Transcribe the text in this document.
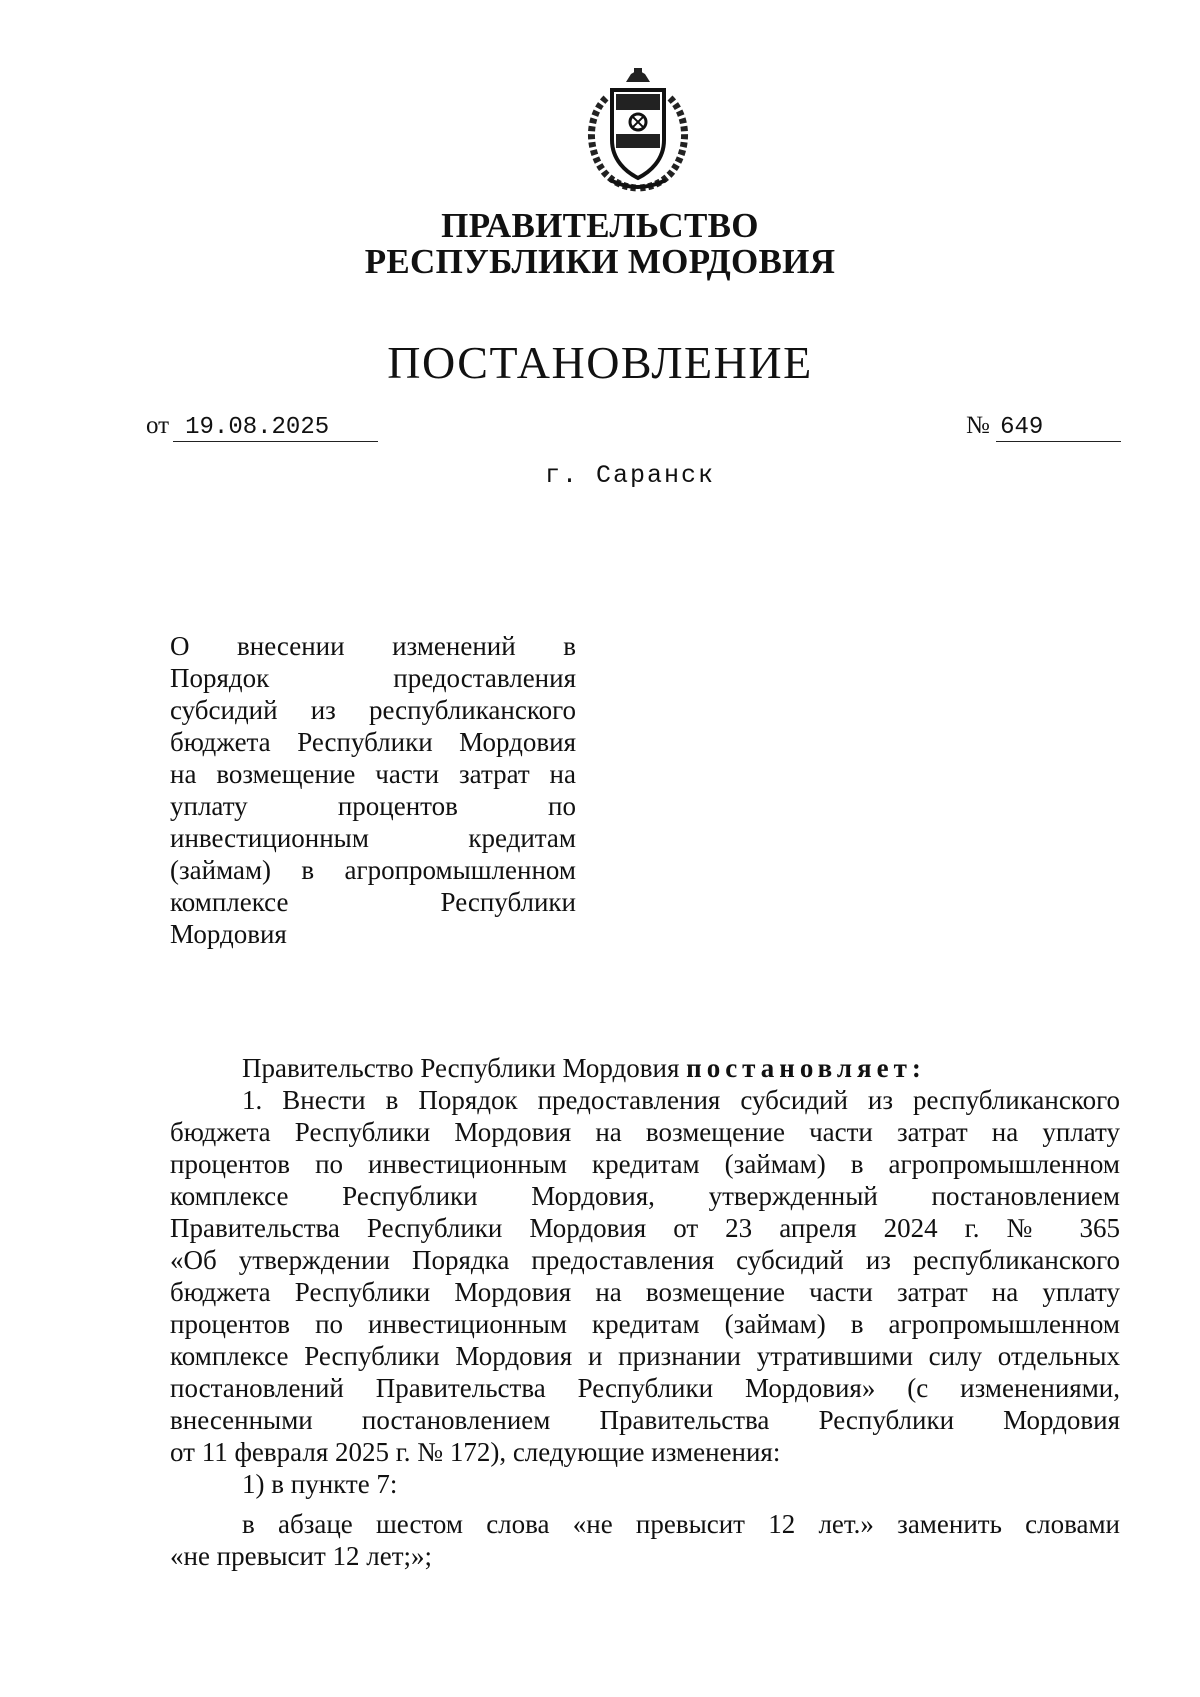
ПРАВИТЕЛЬСТВО
РЕСПУБЛИКИ МОРДОВИЯ
ПОСТАНОВЛЕНИЕ
от 19.08.2025	№ 649
г. Саранск
О внесении изменений в
Порядок предоставления
субсидий из республиканского
бюджета Республики Мордовия
на возмещение части затрат на
уплату процентов по
инвестиционным кредитам
(займам) в агропромышленном
комплексе Республики
Мордовия
Правительство Республики Мордовия постановляет:
1. Внести в Порядок предоставления субсидий из республиканского
бюджета Республики Мордовия на возмещение части затрат на уплату
процентов по инвестиционным кредитам (займам) в агропромышленном
комплексе Республики Мордовия, утвержденный постановлением
Правительства Республики Мордовия от 23 апреля 2024 г. № 365
«Об утверждении Порядка предоставления субсидий из республиканского
бюджета Республики Мордовия на возмещение части затрат на уплату
процентов по инвестиционным кредитам (займам) в агропромышленном
комплексе Республики Мордовия и признании утратившими силу отдельных
постановлений Правительства Республики Мордовия» (с изменениями,
внесенными постановлением Правительства Республики Мордовия
от 11 февраля 2025 г. № 172), следующие изменения:
1) в пункте 7:
в абзаце шестом слова «не превысит 12 лет.» заменить словами
«не превысит 12 лет;»;
